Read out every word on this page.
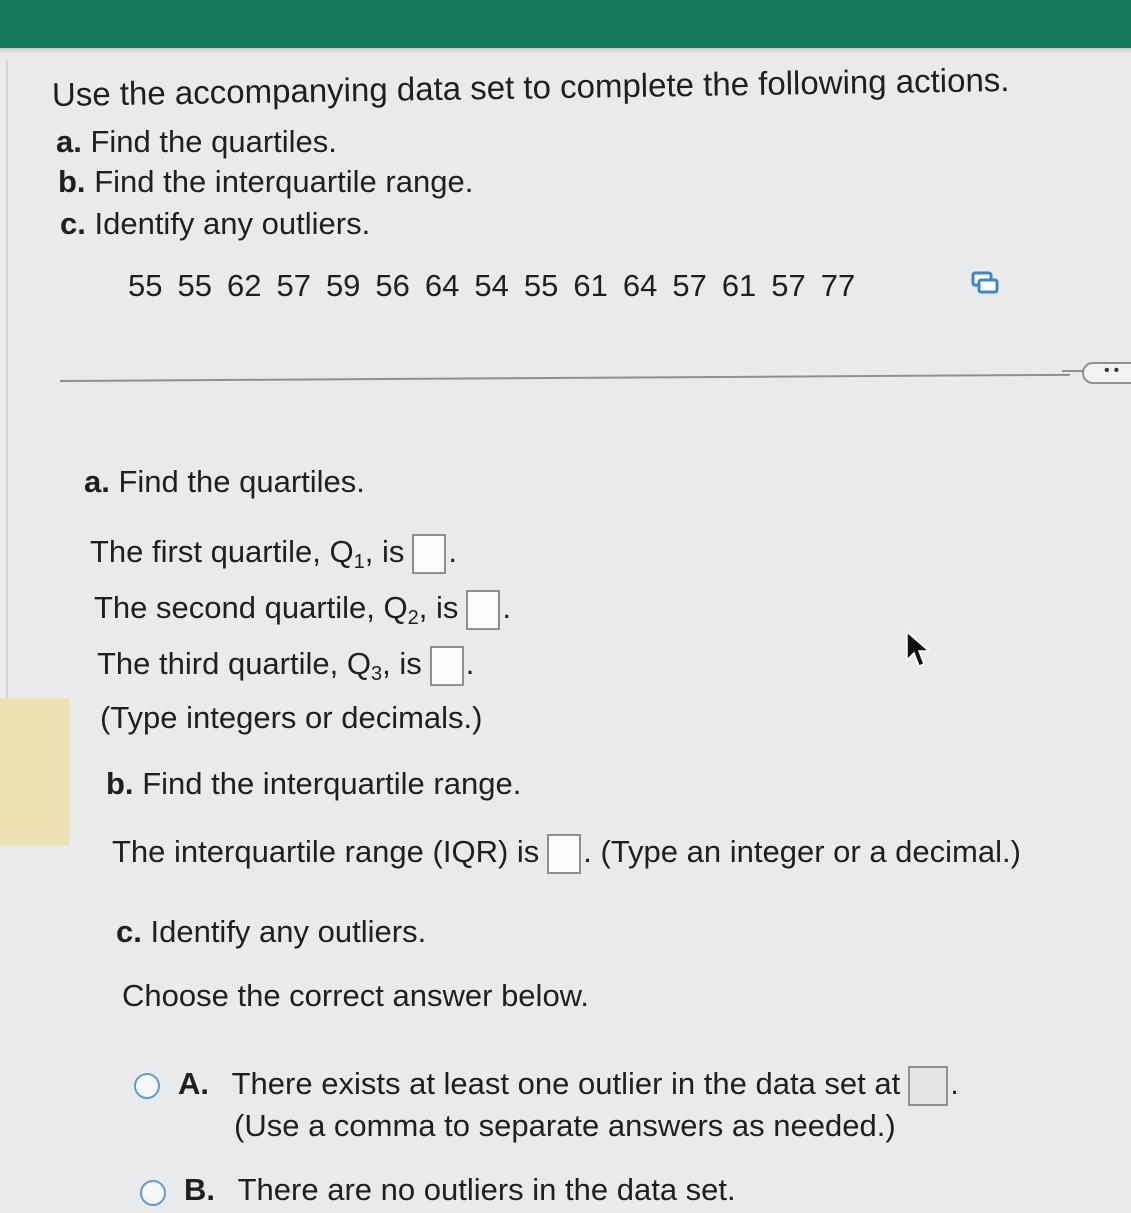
Use the accompanying data set to complete the following actions.
a. Find the quartiles.
b. Find the interquartile range.
c. Identify any outliers.
55 55 62 57 59 56 64 54 55 61 64 57 61 57 77
••
a. Find the quartiles.
The first quartile, $Q_1$, is .
The second quartile, $Q_2$, is .
The third quartile, $Q_3$, is .
(Type integers or decimals.)
b. Find the interquartile range.
The interquartile range (IQR) is . (Type an integer or a decimal.)
c. Identify any outliers.
Choose the correct answer below.
A. There exists at least one outlier in the data set at .
(Use a comma to separate answers as needed.)
B. There are no outliers in the data set.
